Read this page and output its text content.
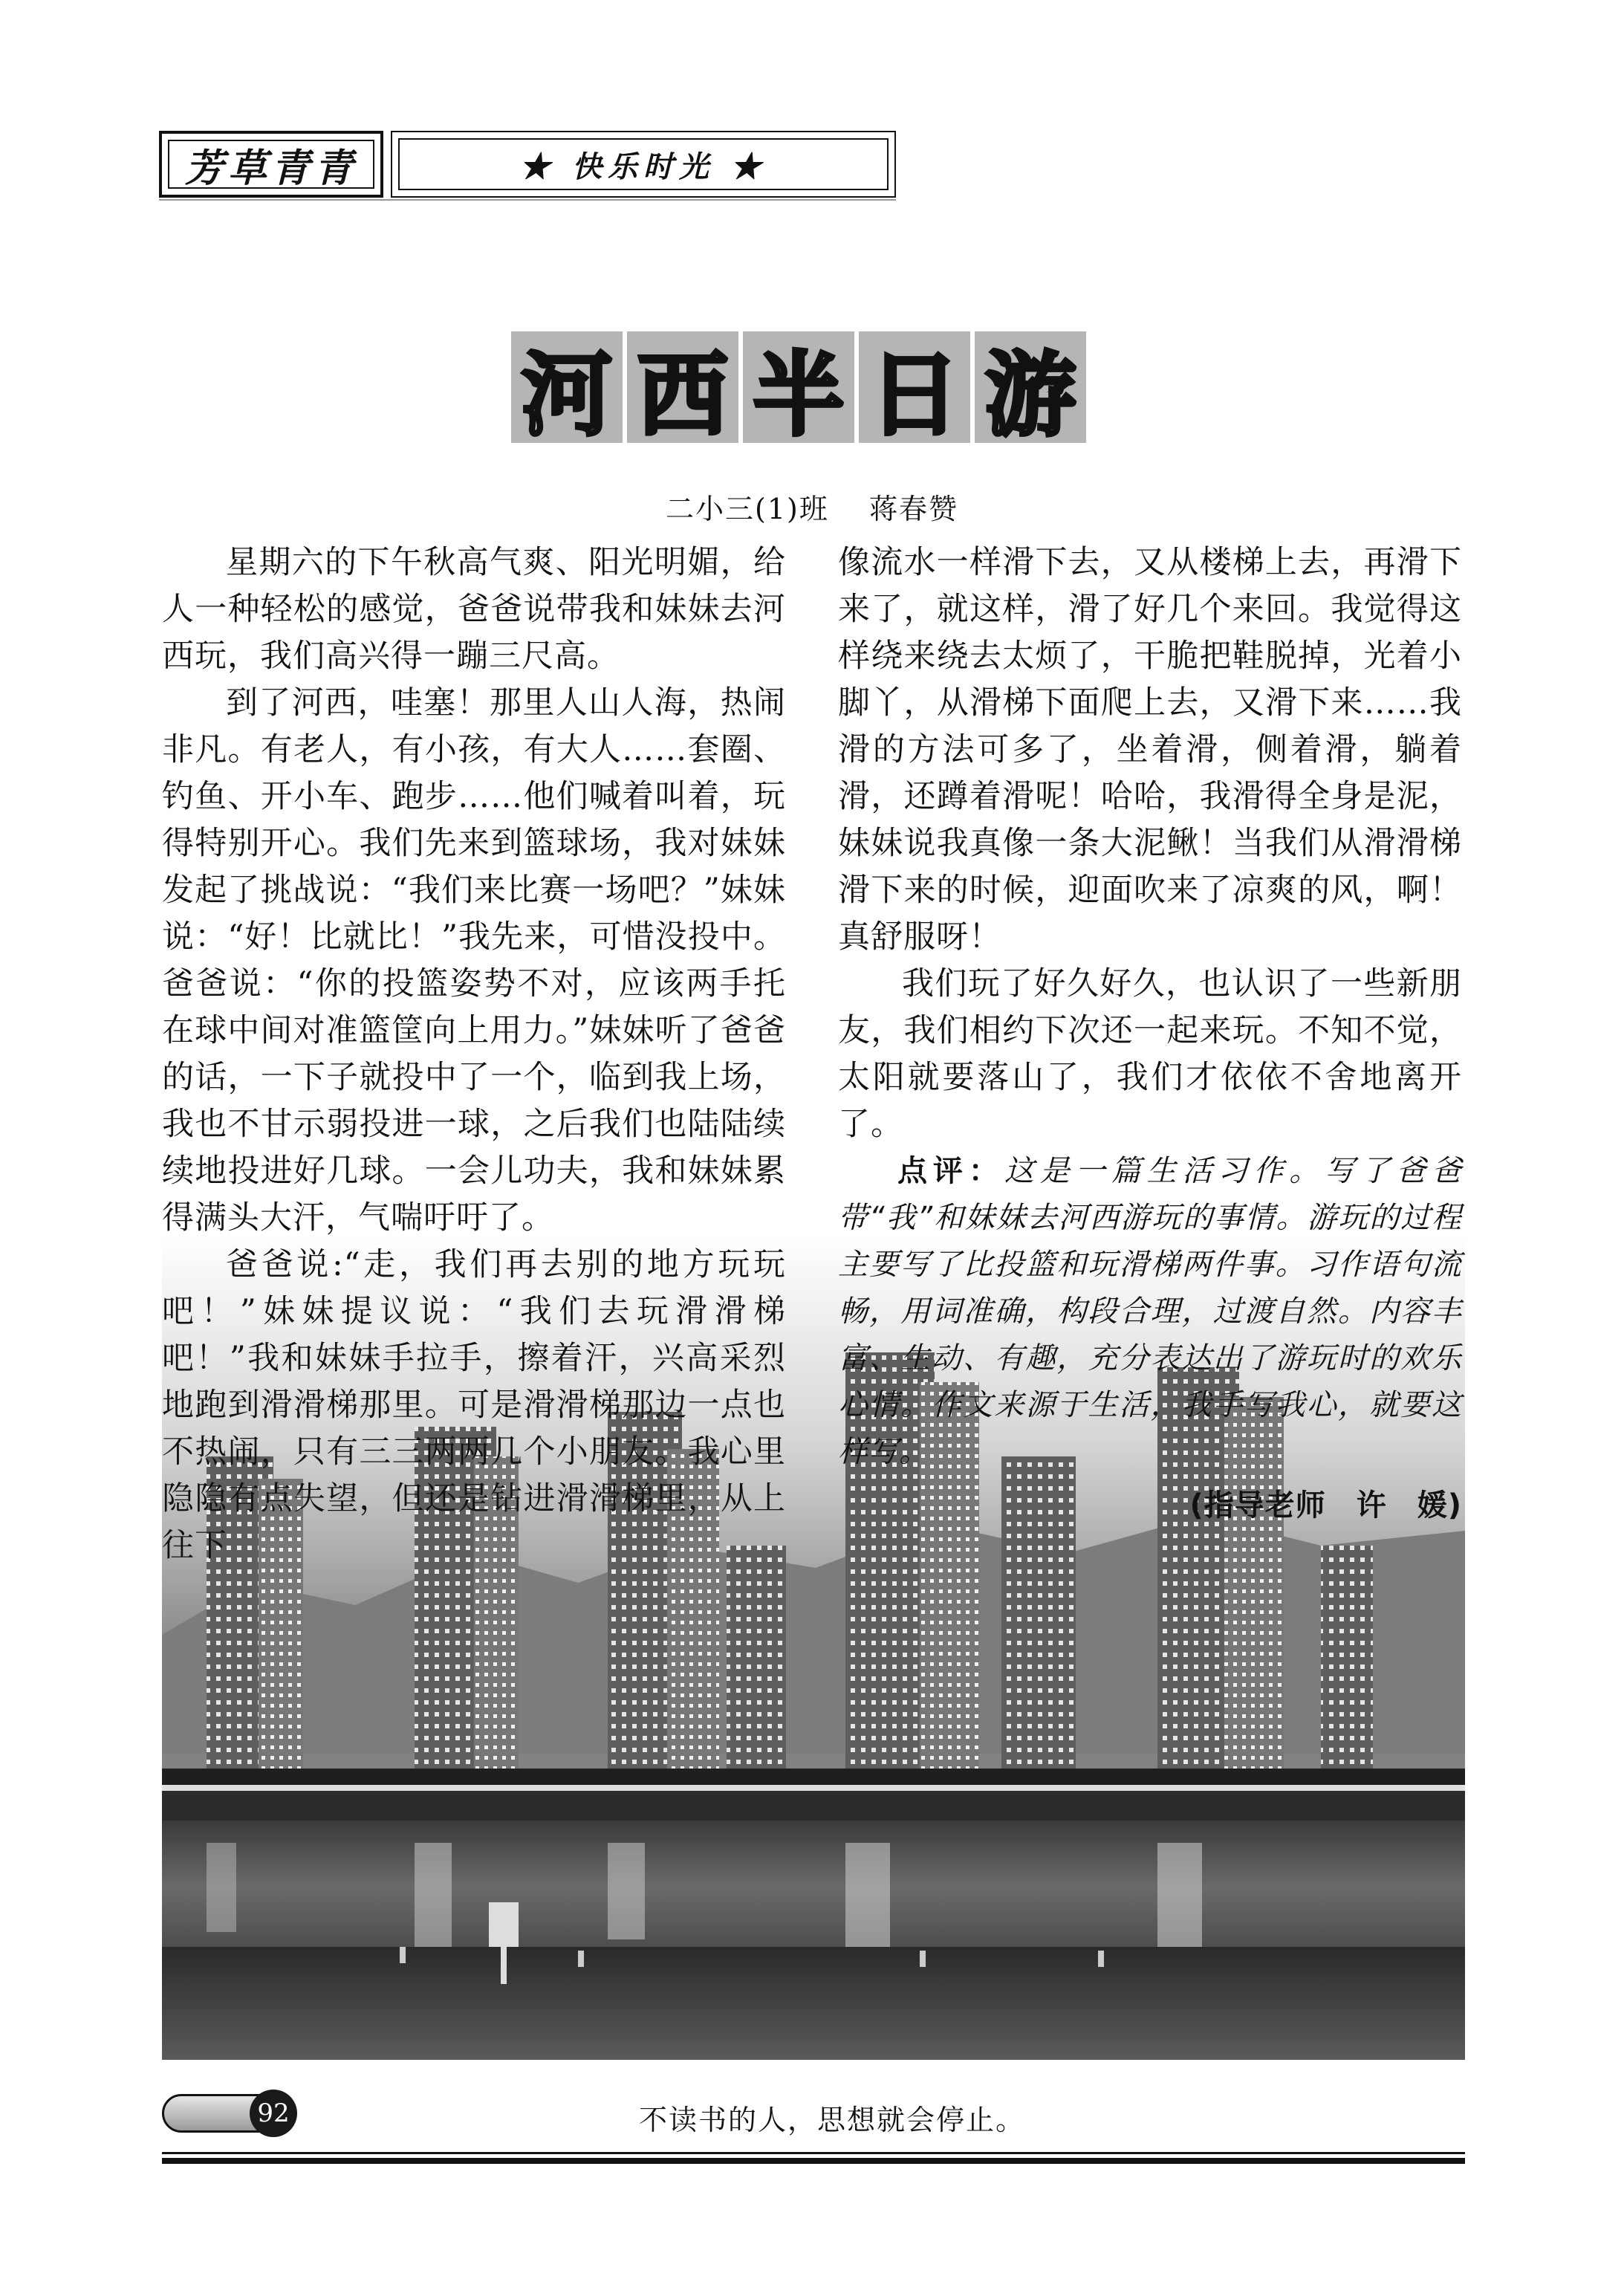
芳草青青	★ 快乐时光 ★
河 西 半 日 游
二小三(1)班 蒋春赞

星期六的下午秋高气爽、阳光明媚，给人一种轻松的感觉，爸爸说带我和妹妹去河西玩，我们高兴得一蹦三尺高。

到了河西，哇塞！那里人山人海，热闹非凡。有老人，有小孩，有大人……套圈、钓鱼、开小车、跑步……他们喊着叫着，玩得特别开心。我们先来到篮球场，我对妹妹发起了挑战说：“我们来比赛一场吧？”妹妹说：“好！比就比！”我先来，可惜没投中。爸爸说：“你的投篮姿势不对，应该两手托在球中间对准篮筐向上用力。”妹妹听了爸爸的话，一下子就投中了一个，临到我上场，我也不甘示弱投进一球，之后我们也陆陆续续地投进好几球。一会儿功夫，我和妹妹累得满头大汗，气喘吁吁了。

爸爸说:“走，我们再去别的地方玩玩吧！”妹妹提议说：“我们去玩滑滑梯吧！”我和妹妹手拉手，擦着汗，兴高采烈地跑到滑滑梯那里。可是滑滑梯那边一点也不热闹，只有三三两两几个小朋友。我心里隐隐有点失望，但还是钻进滑滑梯里，从上往下

像流水一样滑下去，又从楼梯上去，再滑下来了，就这样，滑了好几个来回。我觉得这样绕来绕去太烦了，干脆把鞋脱掉，光着小脚丫，从滑梯下面爬上去，又滑下来……我滑的方法可多了，坐着滑，侧着滑，躺着滑，还蹲着滑呢！哈哈，我滑得全身是泥，妹妹说我真像一条大泥鳅！当我们从滑滑梯滑下来的时候，迎面吹来了凉爽的风，啊！真舒服呀！

我们玩了好久好久，也认识了一些新朋友，我们相约下次还一起来玩。不知不觉，太阳就要落山了，我们才依依不舍地离开了。

点评：这是一篇生活习作。写了爸爸带“我”和妹妹去河西游玩的事情。游玩的过程主要写了比投篮和玩滑梯两件事。习作语句流畅，用词准确，构段合理，过渡自然。内容丰富、生动、有趣，充分表达出了游玩时的欢乐心情。作文来源于生活，我手写我心，就要这样写。

(指导老师　许　媛)
92	不读书的人，思想就会停止。
